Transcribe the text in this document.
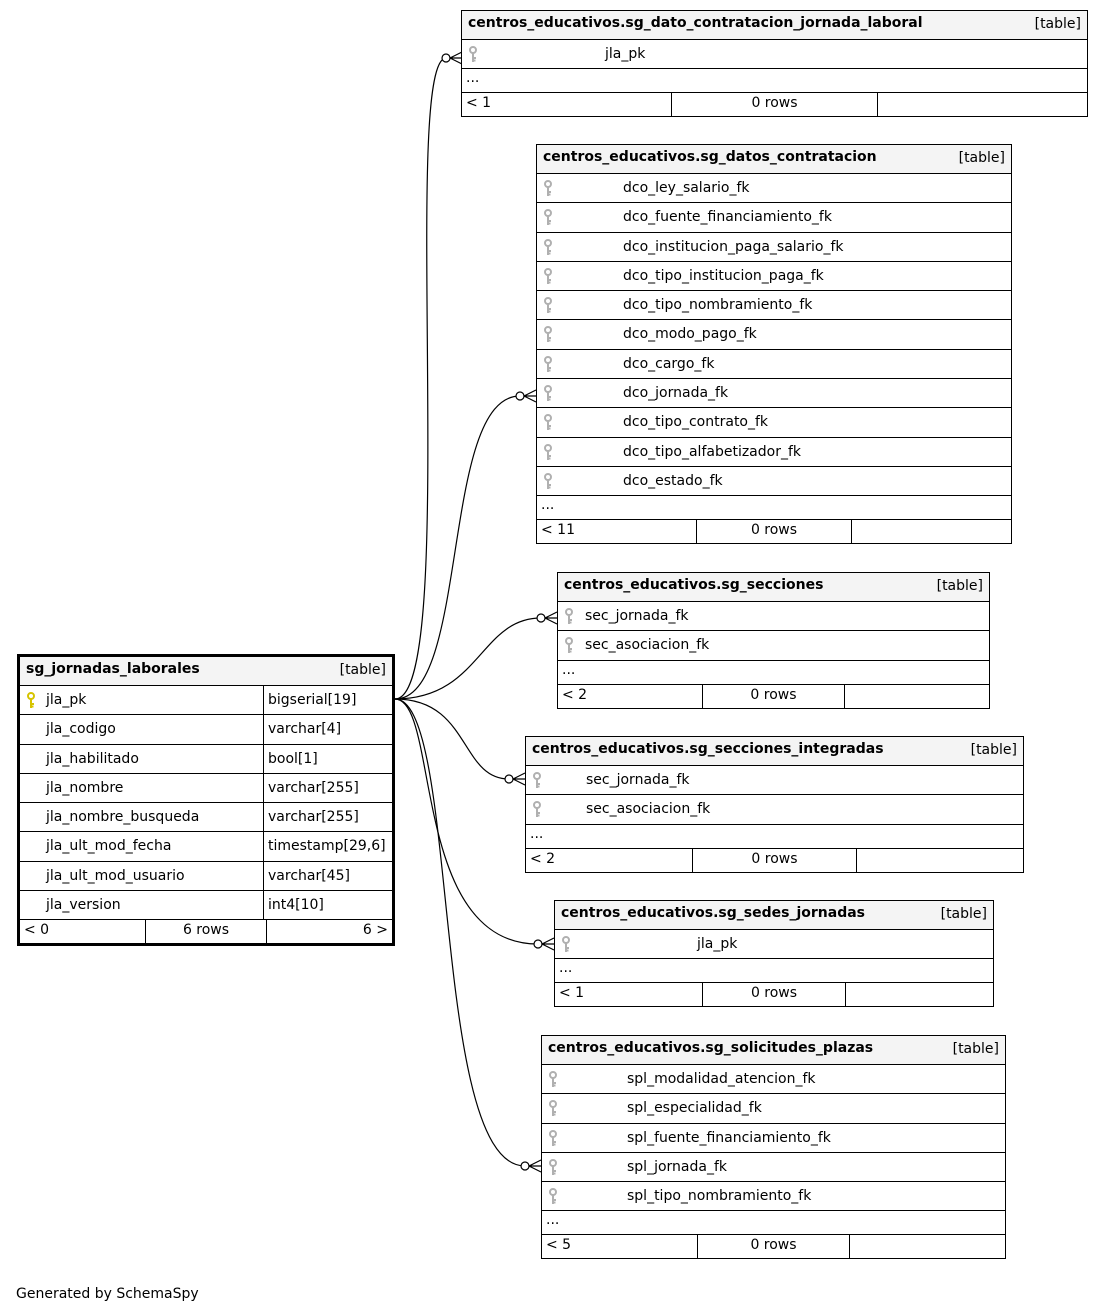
sg_jornadas_laborales	[table]
jla_pk	bigserial[19]
jla_codigo	varchar[4]
jla_habilitado	bool[1]
jla_nombre	varchar[255]
jla_nombre_busqueda	varchar[255]
jla_ult_mod_fecha	timestamp[29,6]
jla_ult_mod_usuario	varchar[45]
jla_version	int4[10]
< 0	6 rows	6 >
centros_educativos.sg_dato_contratacion_jornada_laboral	[table]
jla_pk
...
< 1	0 rows
centros_educativos.sg_datos_contratacion	[table]
dco_ley_salario_fk
dco_fuente_financiamiento_fk
dco_institucion_paga_salario_fk
dco_tipo_institucion_paga_fk
dco_tipo_nombramiento_fk
dco_modo_pago_fk
dco_cargo_fk
dco_jornada_fk
dco_tipo_contrato_fk
dco_tipo_alfabetizador_fk
dco_estado_fk
...
< 11	0 rows
centros_educativos.sg_secciones	[table]
sec_jornada_fk
sec_asociacion_fk
...
< 2	0 rows
centros_educativos.sg_secciones_integradas	[table]
sec_jornada_fk
sec_asociacion_fk
...
< 2	0 rows
centros_educativos.sg_sedes_jornadas	[table]
jla_pk
...
< 1	0 rows
centros_educativos.sg_solicitudes_plazas	[table]
spl_modalidad_atencion_fk
spl_especialidad_fk
spl_fuente_financiamiento_fk
spl_jornada_fk
spl_tipo_nombramiento_fk
...
< 5	0 rows
Generated by SchemaSpy
